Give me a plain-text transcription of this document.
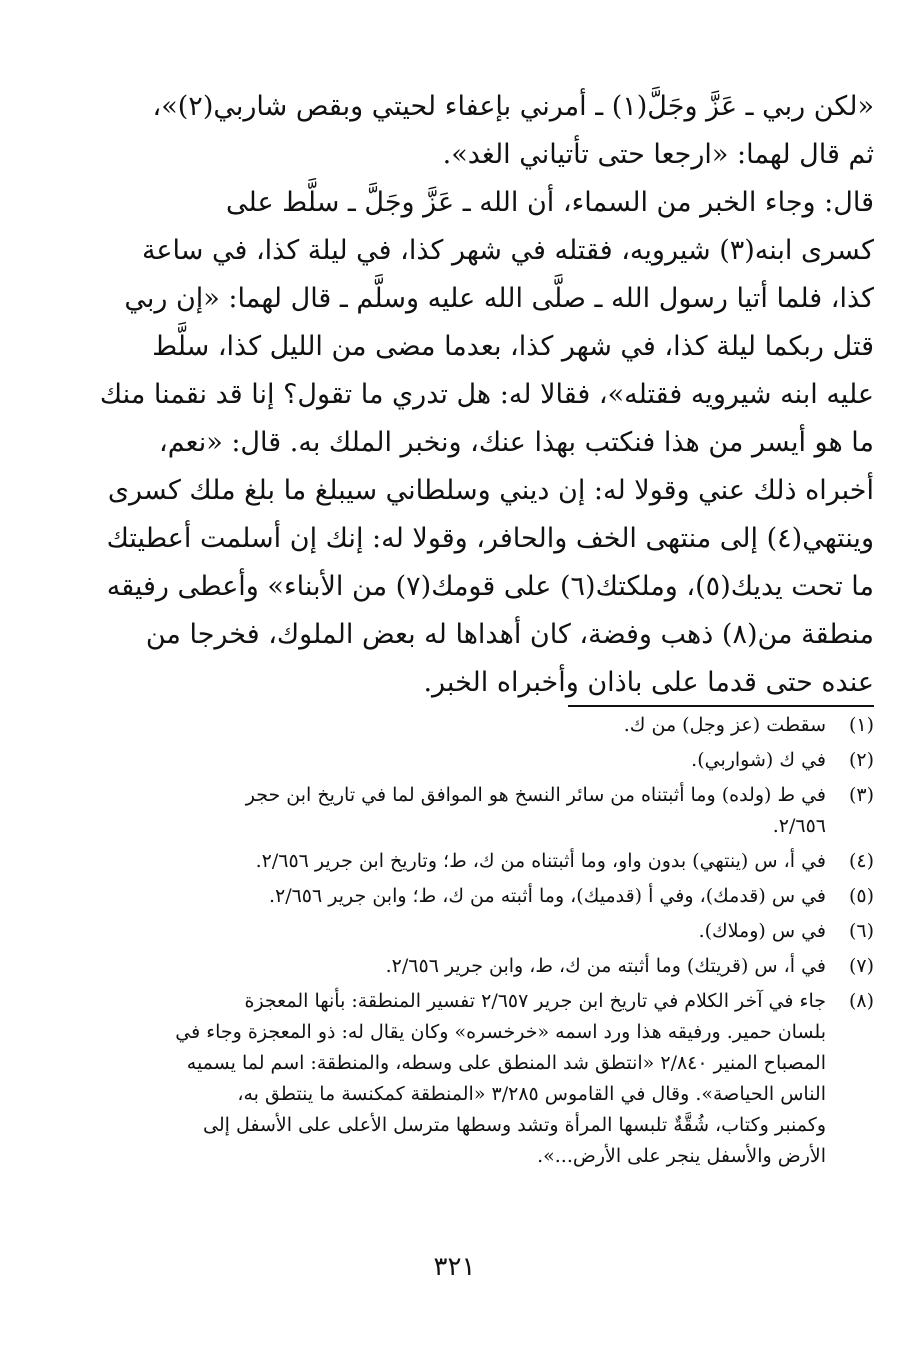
«لكن ربي ـ عَزَّ وجَلَّ(١) ـ أمرني بإعفاء لحيتي وبقص شاربي(٢)»،
ثم قال لهما: «ارجعا حتى تأتياني الغد».
قال: وجاء الخبر من السماء، أن الله ـ عَزَّ وجَلَّ ـ سلَّط على
كسرى ابنه(٣) شيرويه، فقتله في شهر كذا، في ليلة كذا، في ساعة
كذا، فلما أتيا رسول الله ـ صلَّى الله عليه وسلَّم ـ قال لهما: «إن ربي
قتل ربكما ليلة كذا، في شهر كذا، بعدما مضى من الليل كذا، سلَّط
عليه ابنه شيرويه فقتله»، فقالا له: هل تدري ما تقول؟ إنا قد نقمنا منك
ما هو أيسر من هذا فنكتب بهذا عنك، ونخبر الملك به. قال: «نعم،
أخبراه ذلك عني وقولا له: إن ديني وسلطاني سيبلغ ما بلغ ملك كسرى
وينتهي(٤) إلى منتهى الخف والحافر، وقولا له: إنك إن أسلمت أعطيتك
ما تحت يديك(٥)، وملكتك(٦) على قومك(٧) من الأبناء» وأعطى رفيقه
منطقة من(٨) ذهب وفضة، كان أهداها له بعض الملوك، فخرجا من
عنده حتى قدما على باذان وأخبراه الخبر.
(١)
سقطت (عز وجل) من ك.
(٢)
في ك (شواربي).
(٣)
في ط (ولده) وما أثبتناه من سائر النسخ هو الموافق لما في تاريخ ابن حجر
٢/٦٥٦.
(٤)
في أ، س (ينتهي) بدون واو، وما أثبتناه من ك، ط؛ وتاريخ ابن جرير ٢/٦٥٦.
(٥)
في س (قدمك)، وفي أ (قدميك)، وما أثبته من ك، ط؛ وابن جرير ٢/٦٥٦.
(٦)
في س (وملاك).
(٧)
في أ، س (قريتك) وما أثبته من ك، ط، وابن جرير ٢/٦٥٦.
(٨)
جاء في آخر الكلام في تاريخ ابن جرير ٢/٦٥٧ تفسير المنطقة: بأنها المعجزة
بلسان حمير. ورفيقه هذا ورد اسمه «خرخسره» وكان يقال له: ذو المعجزة وجاء في
المصباح المنير ٢/٨٤٠ «انتطق شد المنطق على وسطه، والمنطقة: اسم لما يسميه
الناس الحياصة». وقال في القاموس ٣/٢٨٥ «المنطقة كمكنسة ما ينتطق به،
وكمنبر وكتاب، شُقَّةٌ تلبسها المرأة وتشد وسطها مترسل الأعلى على الأسفل إلى
الأرض والأسفل ينجر على الأرض...».
٣٢١
